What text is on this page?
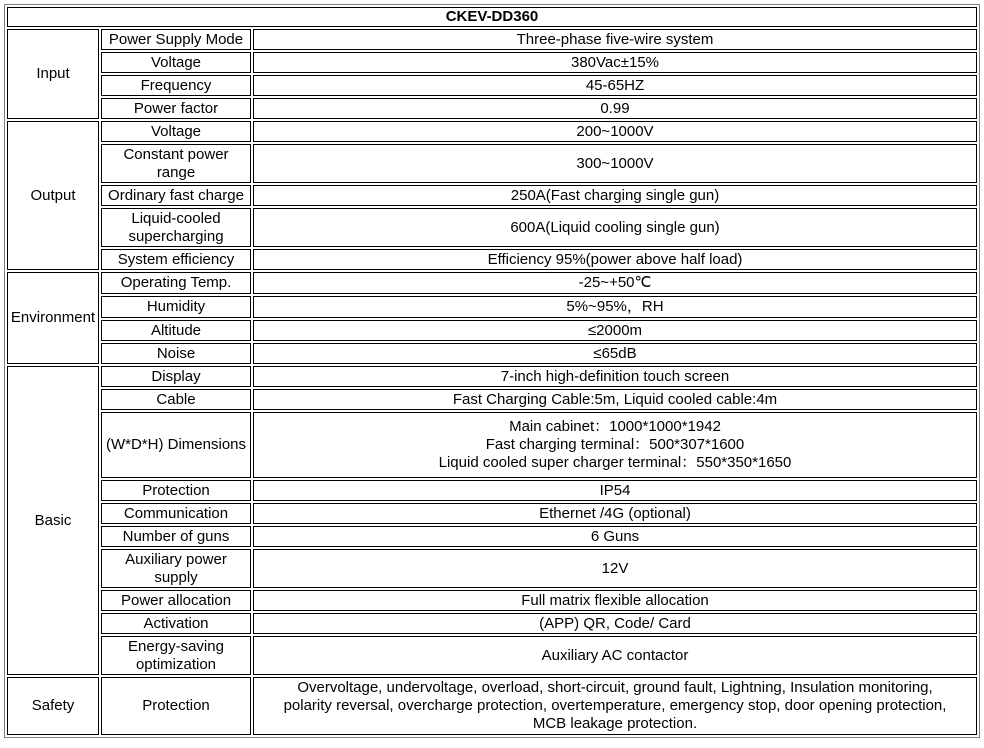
CKEV-DD360		
Input	Power Supply Mode	Three-phase five-wire system

	Voltage	380Vac±15%

	Frequency	45-65HZ

	Power factor	0.99

Output	Voltage	200~1000V

	Constant power range	300~1000V

	Ordinary fast charge	250A(Fast charging single gun)

	Liquid-cooled supercharging	600A(Liquid cooling single gun)

	System efficiency	Efficiency 95%(power above half load)

Environment	Operating Temp.	-25~+50℃

	Humidity	5%~95%，RH

	Altitude	≤2000m

	Noise	≤65dB

Basic	Display	7-inch high-definition touch screen

	Cable	Fast Charging Cable:5m, Liquid cooled cable:4m

	(W*D*H) Dimensions	Main cabinet：1000*1000*1942
Fast charging terminal：500*307*1600
Liquid cooled super charger terminal：550*350*1650

	Protection	IP54

	Communication	Ethernet /4G (optional)

	Number of guns	6 Guns

	Auxiliary power supply	12V

	Power allocation	Full matrix flexible allocation

	Activation	(APP) QR, Code/ Card

	Energy-saving optimization	Auxiliary AC contactor

Safety	Protection	Overvoltage, undervoltage, overload, short-circuit, ground fault, Lightning, Insulation monitoring,
polarity reversal, overcharge protection, overtemperature, emergency stop, door opening protection,
MCB leakage protection.
